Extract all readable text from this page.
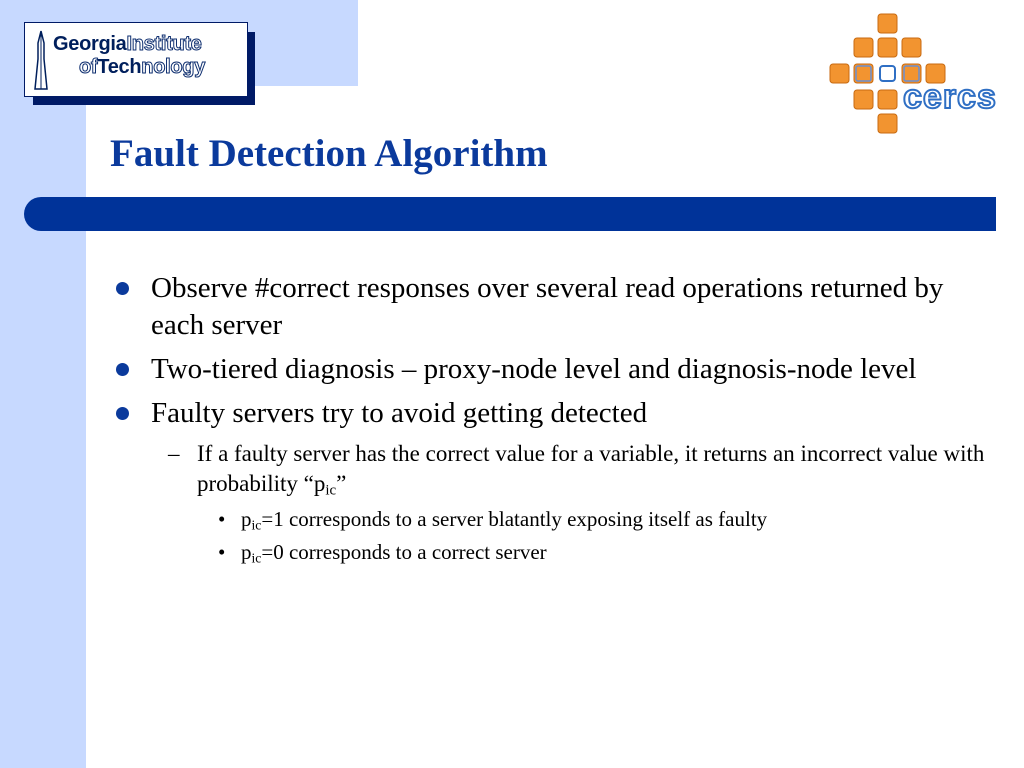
GeorgiaInstitute
ofTechnology
cercs
Fault Detection Algorithm
Observe #correct responses over several read operations returned by each server
Two-tiered diagnosis – proxy-node level and diagnosis-node level
Faulty servers try to avoid getting detected
– If a faulty server has the correct value for a variable, it returns an incorrect value with probability “$p_{ic}$”
• $p_{ic}=1$ corresponds to a server blatantly exposing itself as faulty
• $p_{ic}=0$ corresponds to a correct server
